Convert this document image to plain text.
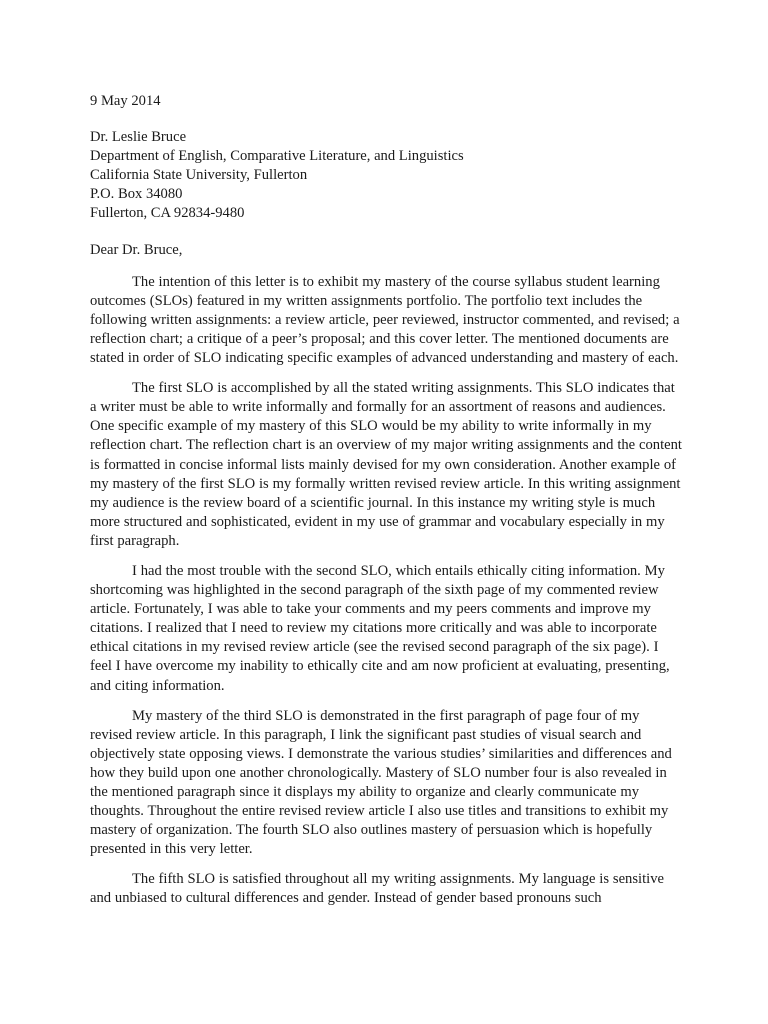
9 May 2014

Dr. Leslie Bruce
Department of English, Comparative Literature, and Linguistics
California State University, Fullerton
P.O. Box 34080
Fullerton, CA 92834-9480

Dear Dr. Bruce,

The intention of this letter is to exhibit my mastery of the course syllabus student learning outcomes (SLOs) featured in my written assignments portfolio. The portfolio text includes the following written assignments: a review article, peer reviewed, instructor commented, and revised; a reflection chart; a critique of a peer’s proposal; and this cover letter. The mentioned documents are stated in order of SLO indicating specific examples of advanced understanding and mastery of each.

The first SLO is accomplished by all the stated writing assignments. This SLO indicates that a writer must be able to write informally and formally for an assortment of reasons and audiences. One specific example of my mastery of this SLO would be my ability to write informally in my reflection chart. The reflection chart is an overview of my major writing assignments and the content is formatted in concise informal lists mainly devised for my own consideration. Another example of my mastery of the first SLO is my formally written revised review article. In this writing assignment my audience is the review board of a scientific journal. In this instance my writing style is much more structured and sophisticated, evident in my use of grammar and vocabulary especially in my first paragraph.

I had the most trouble with the second SLO, which entails ethically citing information. My shortcoming was highlighted in the second paragraph of the sixth page of my commented review article. Fortunately, I was able to take your comments and my peers comments and improve my citations. I realized that I need to review my citations more critically and was able to incorporate ethical citations in my revised review article (see the revised second paragraph of the six page). I feel I have overcome my inability to ethically cite and am now proficient at evaluating, presenting, and citing information.

My mastery of the third SLO is demonstrated in the first paragraph of page four of my revised review article. In this paragraph, I link the significant past studies of visual search and objectively state opposing views. I demonstrate the various studies’ similarities and differences and how they build upon one another chronologically. Mastery of SLO number four is also revealed in the mentioned paragraph since it displays my ability to organize and clearly communicate my thoughts. Throughout the entire revised review article I also use titles and transitions to exhibit my mastery of organization. The fourth SLO also outlines mastery of persuasion which is hopefully presented in this very letter.

The fifth SLO is satisfied throughout all my writing assignments. My language is sensitive and unbiased to cultural differences and gender. Instead of gender based pronouns such
